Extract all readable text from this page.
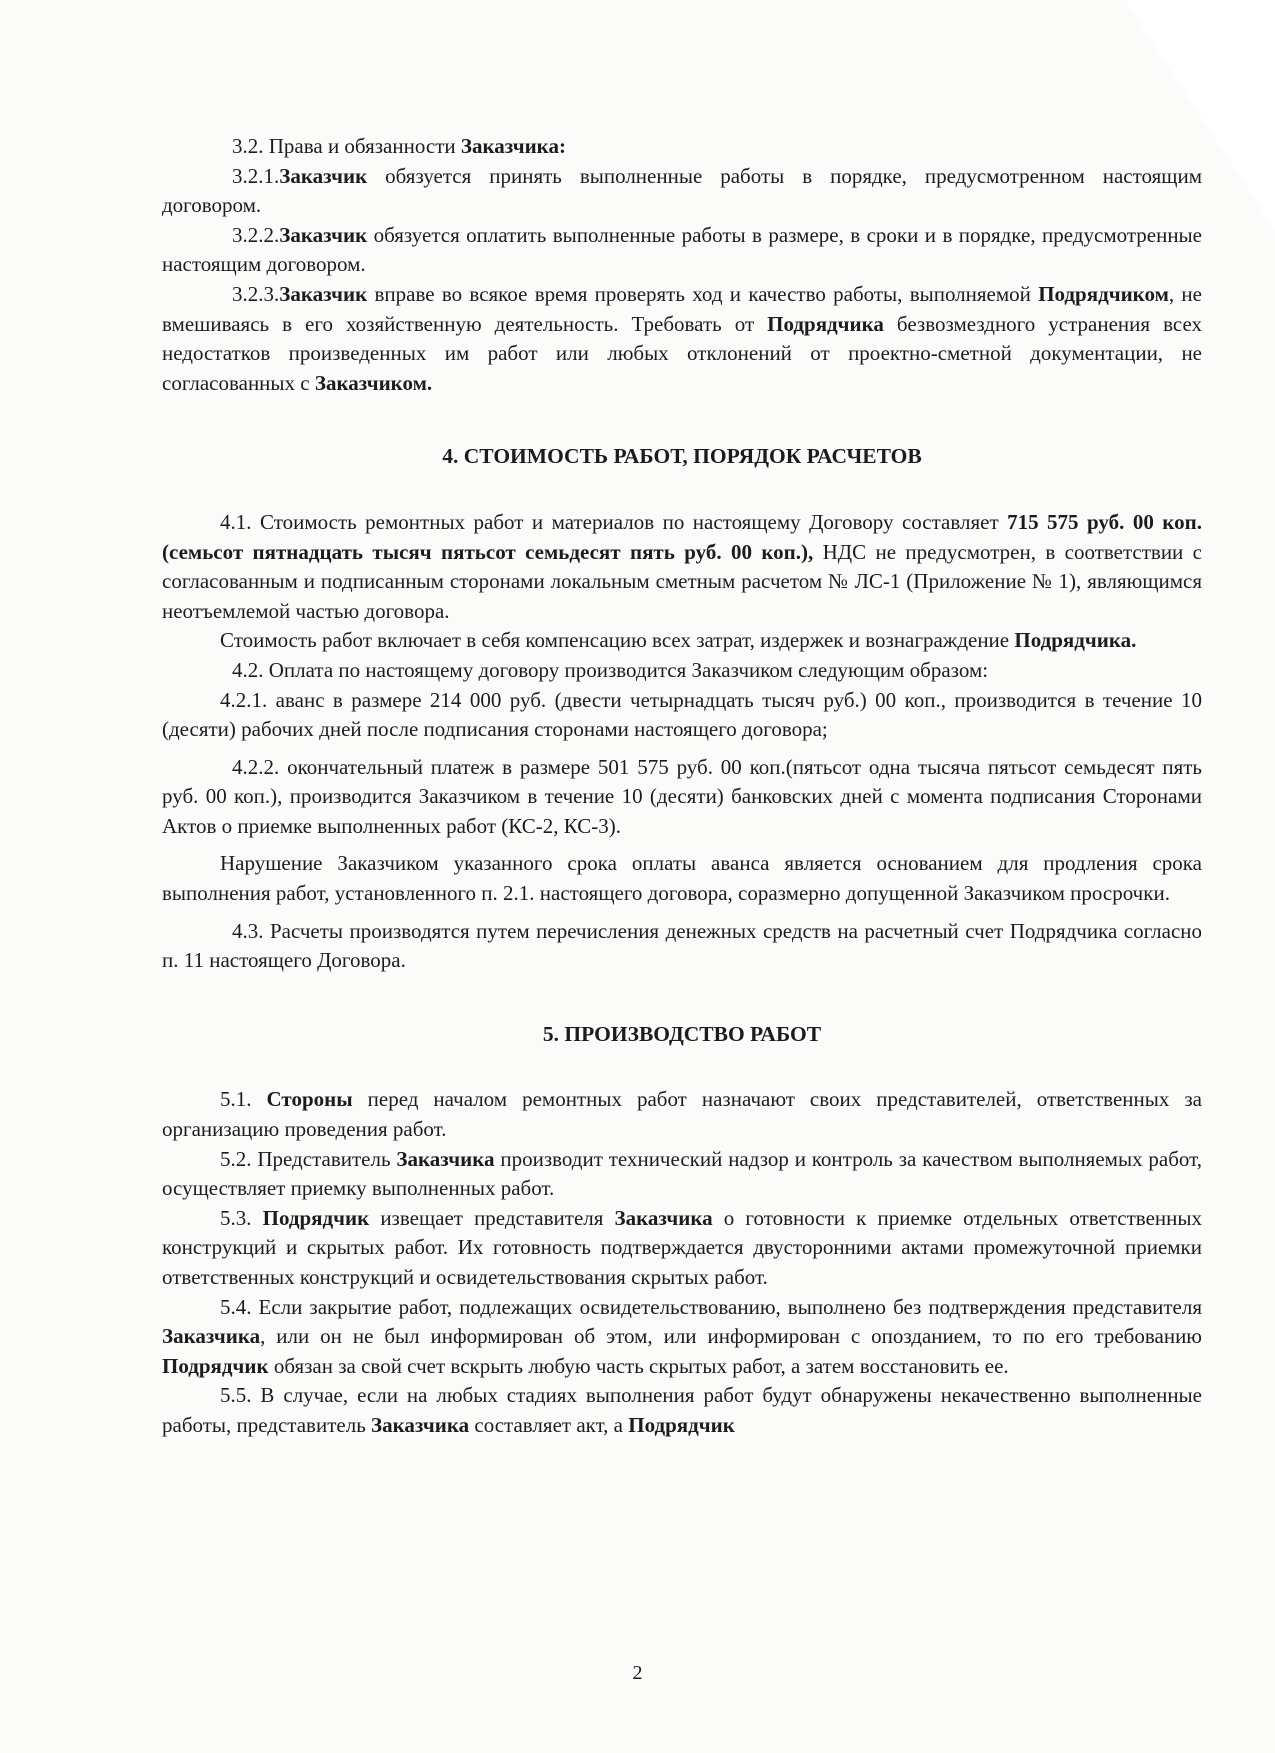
3.2. Права и обязанности Заказчика:

3.2.1.Заказчик обязуется принять выполненные работы в порядке, предусмотренном настоящим договором.

3.2.2.Заказчик обязуется оплатить выполненные работы в размере, в сроки и в порядке, предусмотренные настоящим договором.

3.2.3.Заказчик вправе во всякое время проверять ход и качество работы, выполняемой Подрядчиком, не вмешиваясь в его хозяйственную деятельность. Требовать от Подрядчика безвозмездного устранения всех недостатков произведенных им работ или любых отклонений от проектно-сметной документации, не согласованных с Заказчиком.

4. СТОИМОСТЬ РАБОТ, ПОРЯДОК РАСЧЕТОВ

4.1. Стоимость ремонтных работ и материалов по настоящему Договору составляет 715 575 руб. 00 коп. (семьсот пятнадцать тысяч пятьсот семьдесят пять руб. 00 коп.), НДС не предусмотрен, в соответствии с согласованным и подписанным сторонами локальным сметным расчетом № ЛС-1 (Приложение № 1), являющимся неотъемлемой частью договора.

Стоимость работ включает в себя компенсацию всех затрат, издержек и вознаграждение Подрядчика.

4.2. Оплата по настоящему договору производится Заказчиком следующим образом:

4.2.1. аванс в размере 214 000 руб. (двести четырнадцать тысяч руб.) 00 коп., производится в течение 10 (десяти) рабочих дней после подписания сторонами настоящего договора;

4.2.2. окончательный платеж в размере 501 575 руб. 00 коп.(пятьсот одна тысяча пятьсот семьдесят пять руб. 00 коп.), производится Заказчиком в течение 10 (десяти) банковских дней с момента подписания Сторонами Актов о приемке выполненных работ (КС-2, КС-3).

Нарушение Заказчиком указанного срока оплаты аванса является основанием для продления срока выполнения работ, установленного п. 2.1. настоящего договора, соразмерно допущенной Заказчиком просрочки.

4.3. Расчеты производятся путем перечисления денежных средств на расчетный счет Подрядчика согласно п. 11 настоящего Договора.

5. ПРОИЗВОДСТВО РАБОТ

5.1. Стороны перед началом ремонтных работ назначают своих представителей, ответственных за организацию проведения работ.

5.2. Представитель Заказчика производит технический надзор и контроль за качеством выполняемых работ, осуществляет приемку выполненных работ.

5.3. Подрядчик извещает представителя Заказчика о готовности к приемке отдельных ответственных конструкций и скрытых работ. Их готовность подтверждается двусторонними актами промежуточной приемки ответственных конструкций и освидетельствования скрытых работ.

5.4. Если закрытие работ, подлежащих освидетельствованию, выполнено без подтверждения представителя Заказчика, или он не был информирован об этом, или информирован с опозданием, то по его требованию Подрядчик обязан за свой счет вскрыть любую часть скрытых работ, а затем восстановить ее.

5.5. В случае, если на любых стадиях выполнения работ будут обнаружены некачественно выполненные работы, представитель Заказчика составляет акт, а Подрядчик

2
